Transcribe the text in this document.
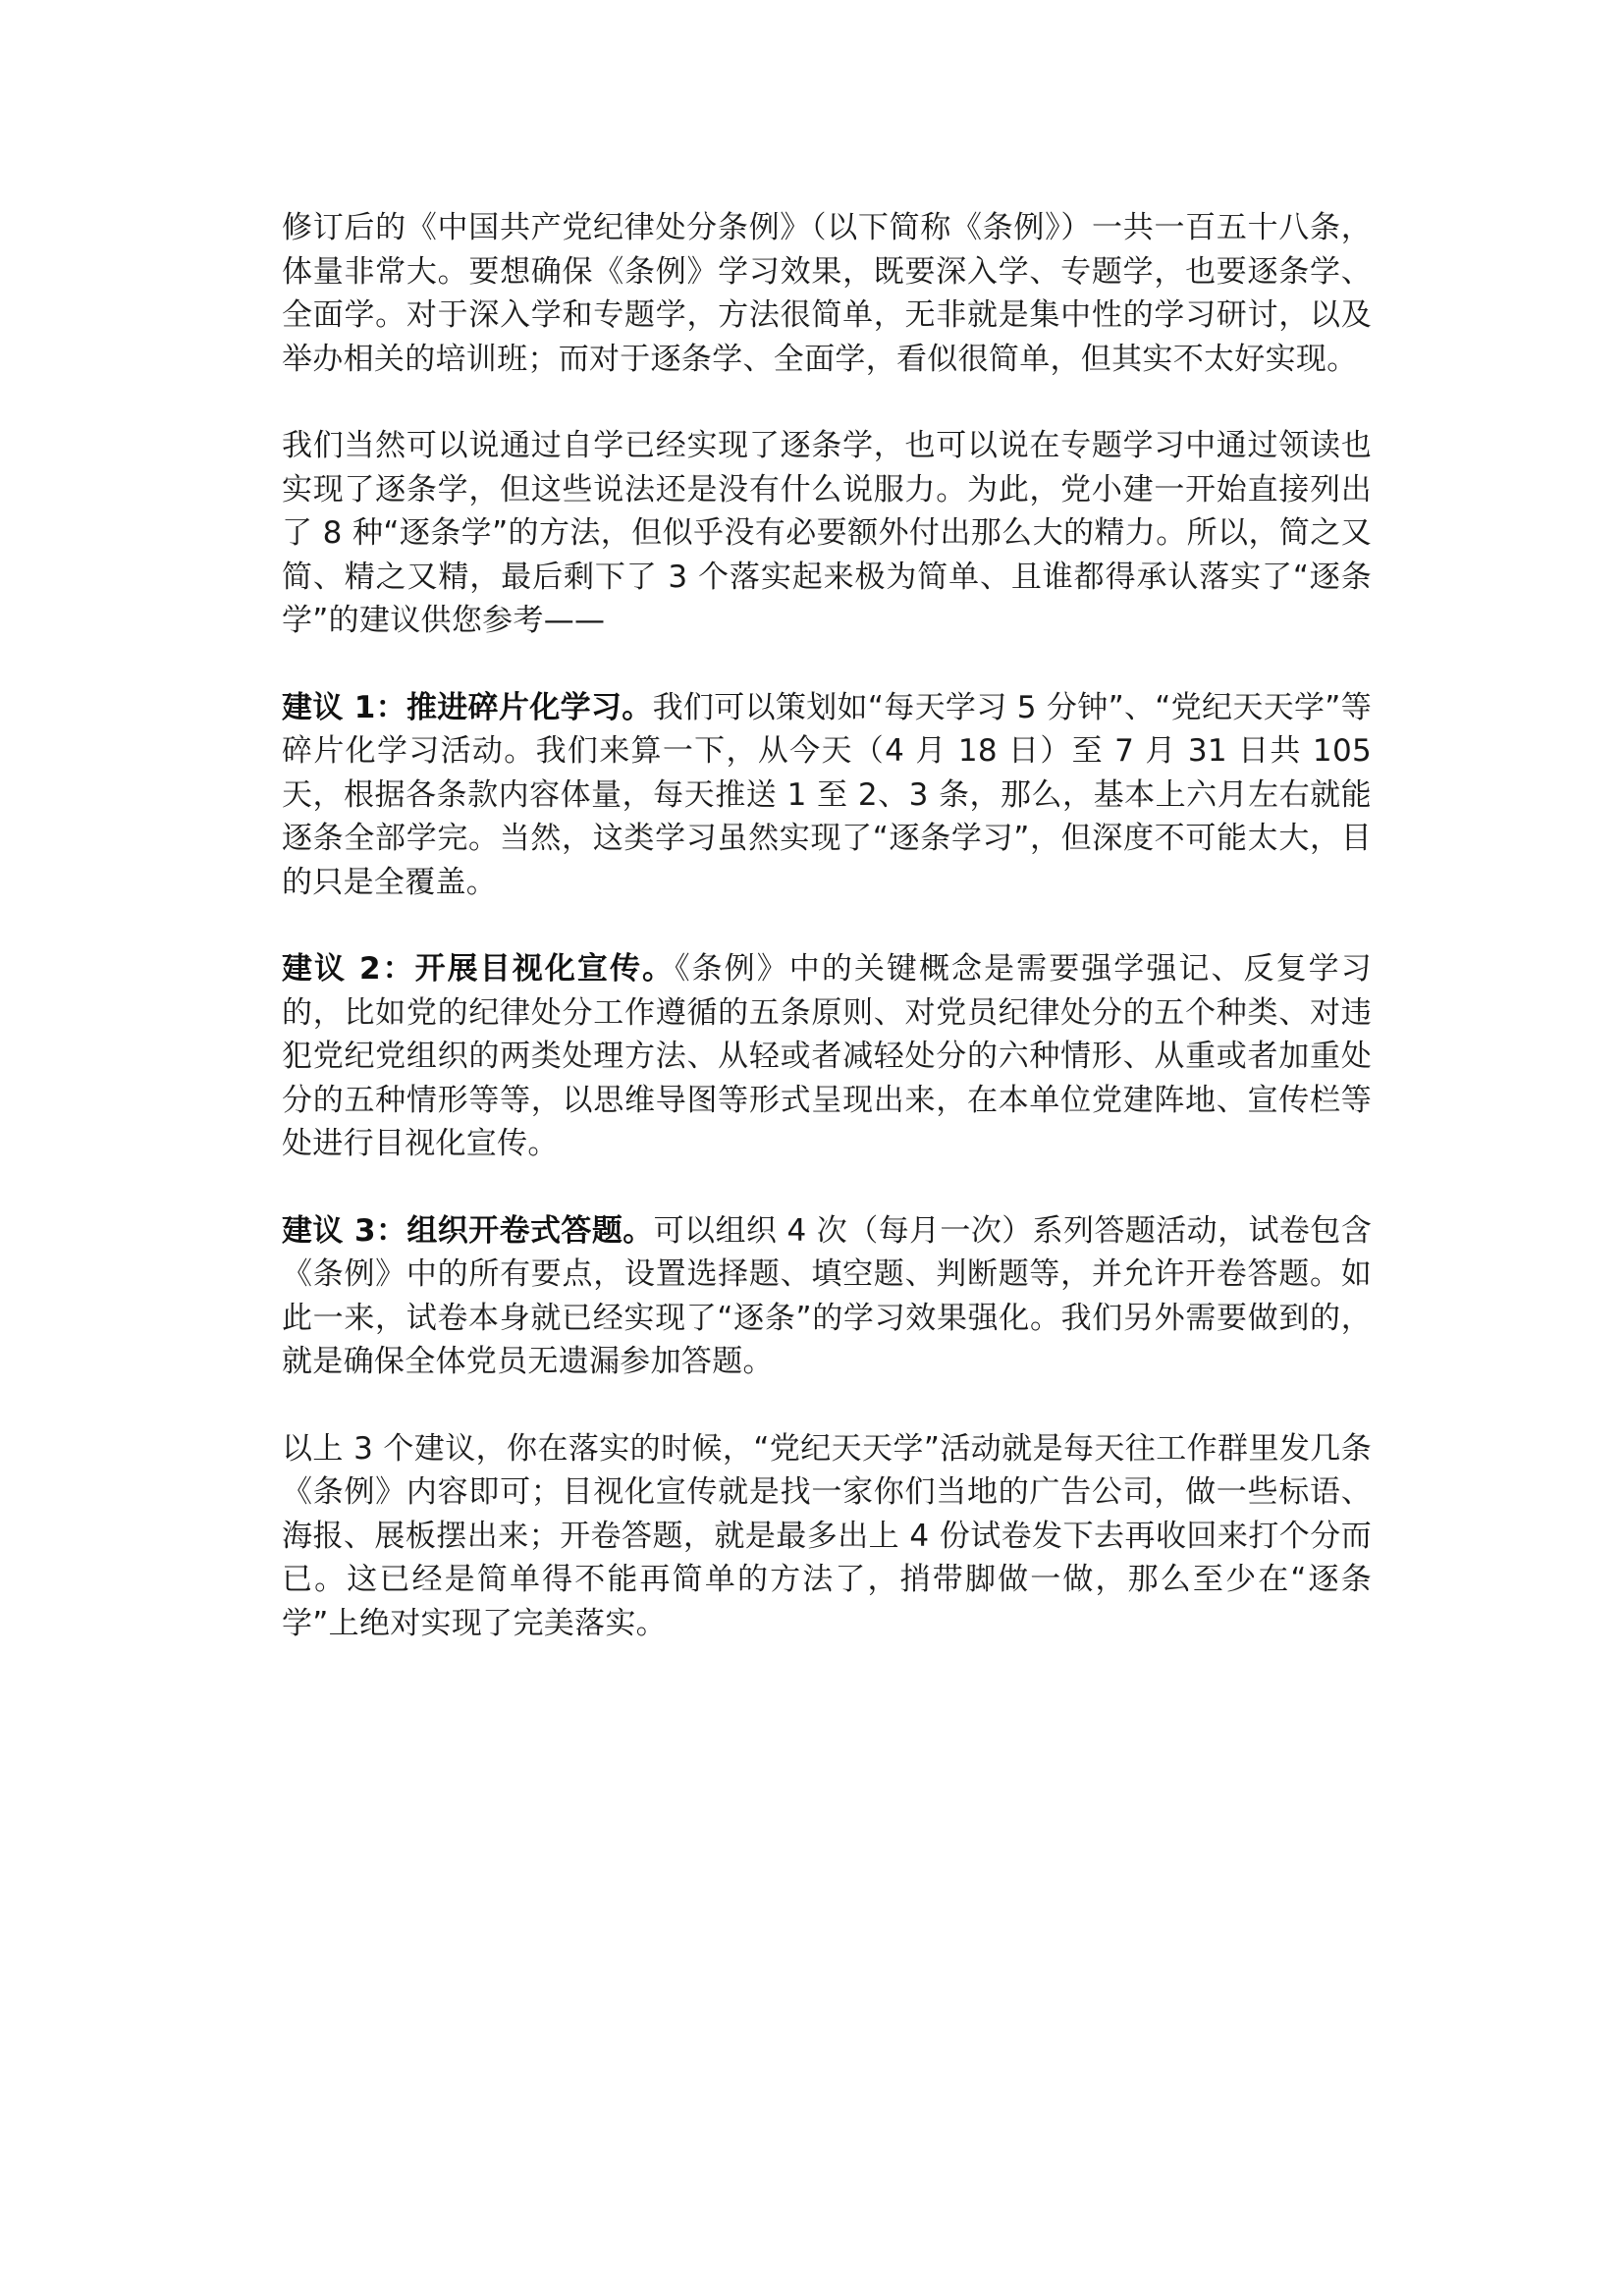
修订后的《中国共产党纪律处分条例》（以下简称《条例》）一共一百五十八条，体量非常大。要想确保《条例》学习效果，既要深入学、专题学，也要逐条学、全面学。对于深入学和专题学，方法很简单，无非就是集中性的学习研讨，以及举办相关的培训班；而对于逐条学、全面学，看似很简单，但其实不太好实现。

我们当然可以说通过自学已经实现了逐条学，也可以说在专题学习中通过领读也实现了逐条学，但这些说法还是没有什么说服力。为此，党小建一开始直接列出了 8 种“逐条学”的方法，但似乎没有必要额外付出那么大的精力。所以，简之又简、精之又精，最后剩下了 3 个落实起来极为简单、且谁都得承认落实了“逐条学”的建议供您参考——

建议 1：推进碎片化学习。我们可以策划如“每天学习 5 分钟”、“党纪天天学”等碎片化学习活动。我们来算一下，从今天（4 月 18 日）至 7 月 31 日共 105 天，根据各条款内容体量，每天推送 1 至 2、3 条，那么，基本上六月左右就能逐条全部学完。当然，这类学习虽然实现了“逐条学习”，但深度不可能太大，目的只是全覆盖。

建议 2：开展目视化宣传。《条例》中的关键概念是需要强学强记、反复学习的，比如党的纪律处分工作遵循的五条原则、对党员纪律处分的五个种类、对违犯党纪党组织的两类处理方法、从轻或者减轻处分的六种情形、从重或者加重处分的五种情形等等，以思维导图等形式呈现出来，在本单位党建阵地、宣传栏等处进行目视化宣传。

建议 3：组织开卷式答题。可以组织 4 次（每月一次）系列答题活动，试卷包含《条例》中的所有要点，设置选择题、填空题、判断题等，并允许开卷答题。如此一来，试卷本身就已经实现了“逐条”的学习效果强化。我们另外需要做到的，就是确保全体党员无遗漏参加答题。

以上 3 个建议，你在落实的时候，“党纪天天学”活动就是每天往工作群里发几条《条例》内容即可；目视化宣传就是找一家你们当地的广告公司，做一些标语、海报、展板摆出来；开卷答题，就是最多出上 4 份试卷发下去再收回来打个分而已。这已经是简单得不能再简单的方法了，捎带脚做一做，那么至少在“逐条学”上绝对实现了完美落实。
